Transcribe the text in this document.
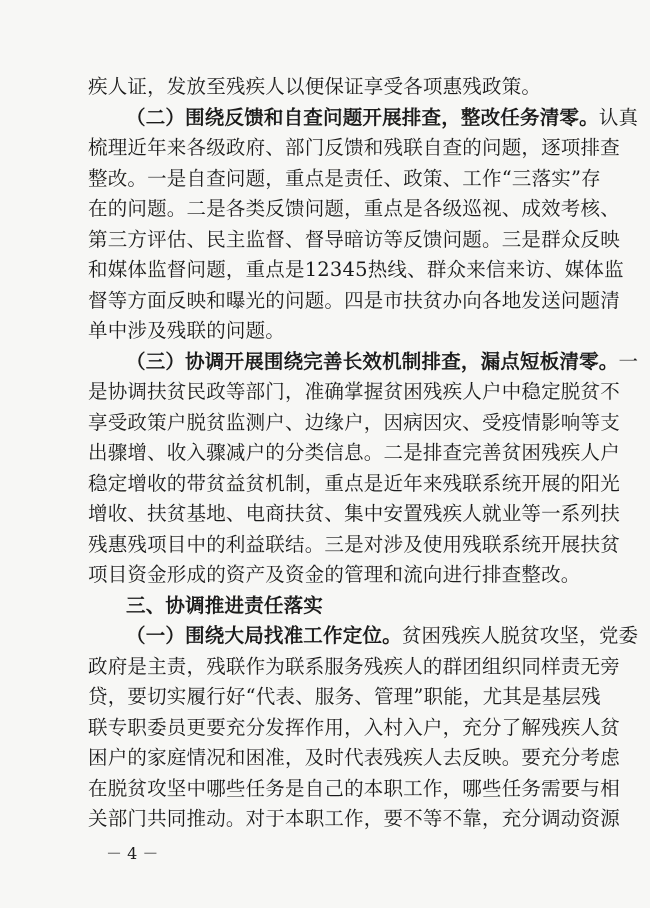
疾人证，发放至残疾人以便保证享受各项惠残政策。
（二）围绕反馈和自查问题开展排查，整改任务清零。认真
梳理近年来各级政府、部门反馈和残联自查的问题，逐项排查
整改。一是自查问题，重点是责任、政策、工作“三落实”存
在的问题。二是各类反馈问题，重点是各级巡视、成效考核、
第三方评估、民主监督、督导暗访等反馈问题。三是群众反映
和媒体监督问题，重点是12345热线、群众来信来访、媒体监
督等方面反映和曝光的问题。四是市扶贫办向各地发送问题清
单中涉及残联的问题。
（三）协调开展围绕完善长效机制排查，漏点短板清零。一
是协调扶贫民政等部门，准确掌握贫困残疾人户中稳定脱贫不
享受政策户脱贫监测户、边缘户，因病因灾、受疫情影响等支
出骤增、收入骤减户的分类信息。二是排查完善贫困残疾人户
稳定增收的带贫益贫机制，重点是近年来残联系统开展的阳光
增收、扶贫基地、电商扶贫、集中安置残疾人就业等一系列扶
残惠残项目中的利益联结。三是对涉及使用残联系统开展扶贫
项目资金形成的资产及资金的管理和流向进行排查整改。
三、协调推进责任落实
（一）围绕大局找准工作定位。贫困残疾人脱贫攻坚，党委
政府是主责，残联作为联系服务残疾人的群团组织同样责无旁
贷，要切实履行好“代表、服务、管理”职能，尤其是基层残
联专职委员更要充分发挥作用，入村入户，充分了解残疾人贫
困户的家庭情况和困准，及时代表残疾人去反映。要充分考虑
在脱贫攻坚中哪些任务是自己的本职工作，哪些任务需要与相
关部门共同推动。对于本职工作，要不等不靠，充分调动资源
－ 4 －
